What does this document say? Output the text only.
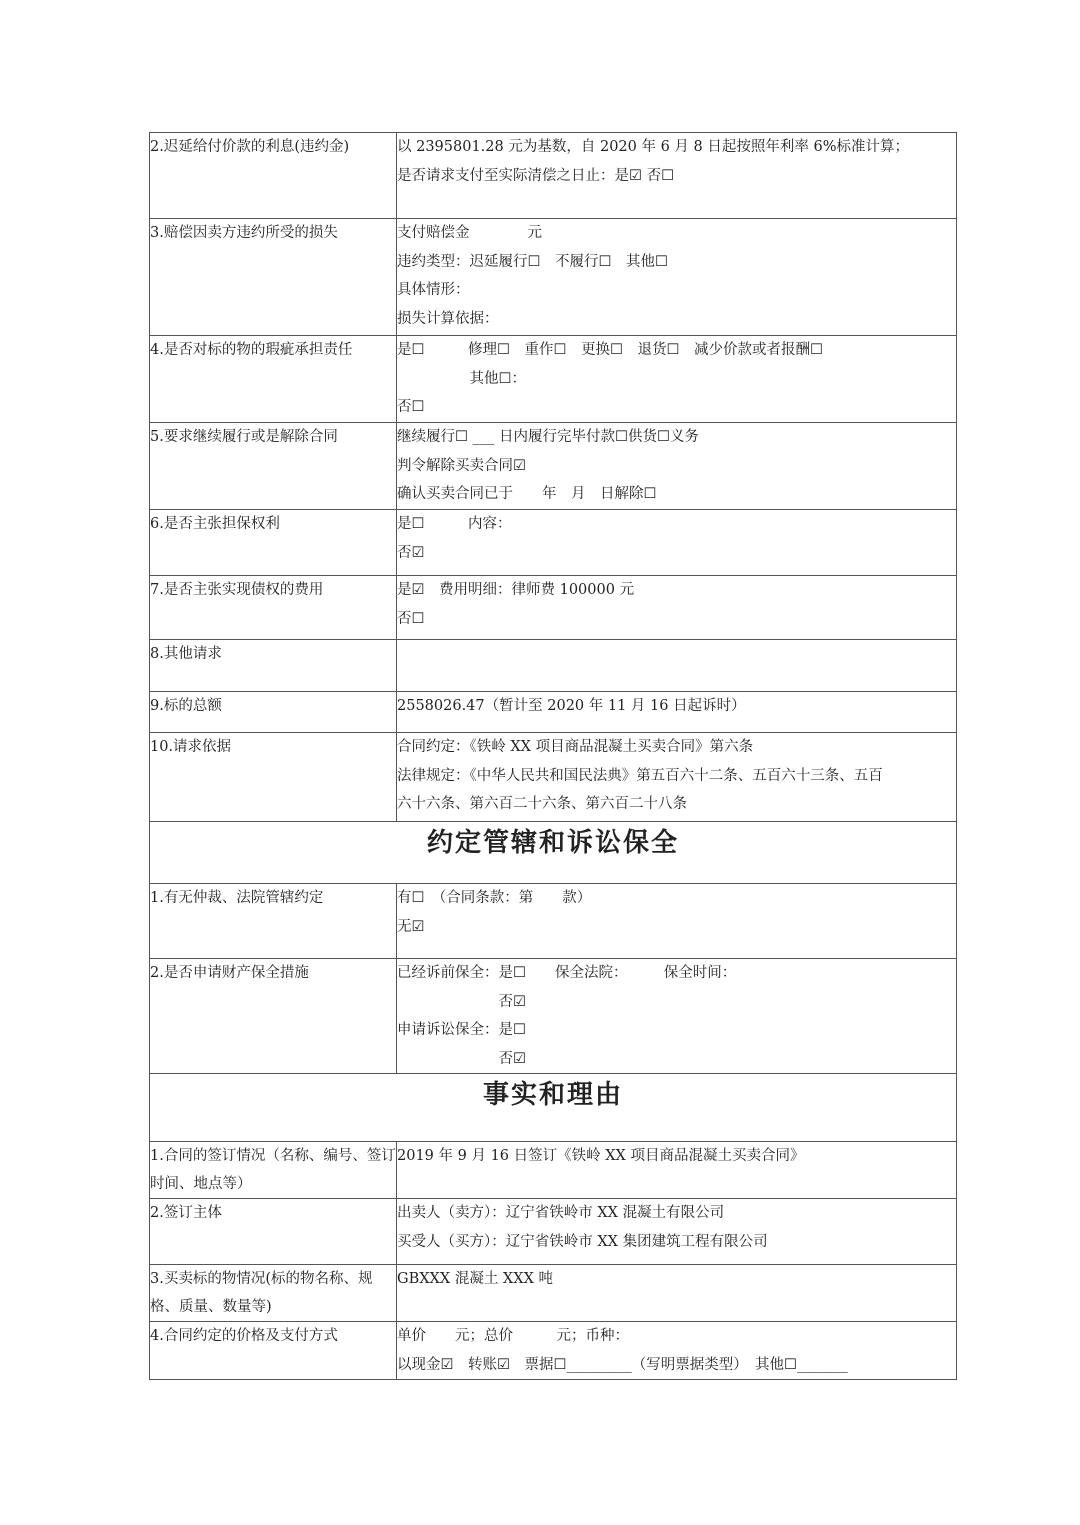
2.迟延给付价款的利息(违约金)	以 2395801.28 元为基数，自 2020 年 6 月 8 日起按照年利率 6%标准计算；
是否请求支付至实际清偿之日止：是☑ 否☐

3.赔偿因卖方违约所受的损失	支付赔偿金　　　　元
违约类型：迟延履行☐　不履行☐　其他☐
具体情形：
损失计算依据：

4.是否对标的物的瑕疵承担责任	是☐　　　修理☐　重作☐　更换☐　退货☐　减少价款或者报酬☐
　　　　　其他☐：
否☐

5.要求继续履行或是解除合同	继续履行☐ ___ 日内履行完毕付款☐供货☐义务
判令解除买卖合同☑
确认买卖合同已于　　年　月　日解除☐

6.是否主张担保权利	是☐　　　内容：
否☑

7.是否主张实现债权的费用	是☑　费用明细：律师费 100000 元
否☐

8.其他请求	

9.标的总额	2558026.47（暂计至 2020 年 11 月 16 日起诉时）

10.请求依据	合同约定：《铁岭 XX 项目商品混凝土买卖合同》第六条
法律规定：《中华人民共和国民法典》第五百六十二条、五百六十三条、五百
六十六条、第六百二十六条、第六百二十八条

约定管辖和诉讼保全	
1.有无仲裁、法院管辖约定	有☐　（合同条款：第　　款）
无☑

2.是否申请财产保全措施	已经诉前保全：是☐　　保全法院：　　　保全时间：
　　　　　　　否☑
申请诉讼保全：是☐
　　　　　　　否☑

事实和理由	
1.合同的签订情况（名称、编号、签订时间、地点等）	2019 年 9 月 16 日签订《铁岭 XX 项目商品混凝土买卖合同》

2.签订主体	出卖人（卖方）：辽宁省铁岭市 XX 混凝土有限公司
买受人（买方）：辽宁省铁岭市 XX 集团建筑工程有限公司

3.买卖标的物情况(标的物名称、规格、质量、数量等)	GBXXX 混凝土 XXX 吨

4.合同约定的价格及支付方式	单价　　元；总价　　　元；币种：
以现金☑　转账☑　票据☐_________（写明票据类型）　其他☐_______
